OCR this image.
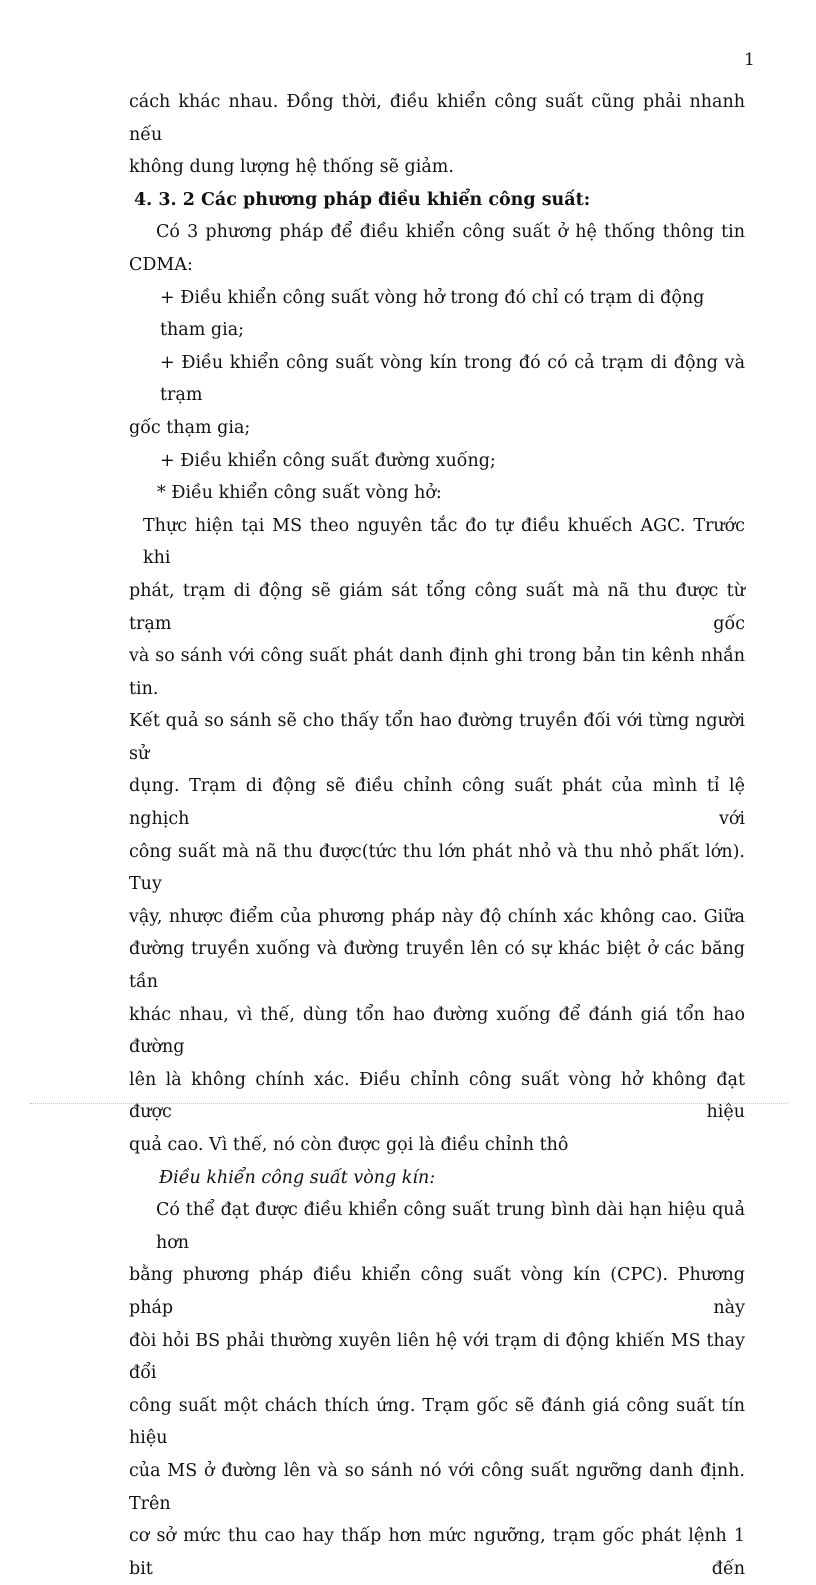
1

cách khác nhau. Đồng thời, điều khiển công suất cũng phải nhanh nếu

không dung lượng hệ thống sẽ giảm.

4. 3. 2 Các phương pháp điều khiển công suất:

Có 3 phương pháp để điều khiển công suất ở hệ thống thông tin

CDMA:

+ Điều khiển công suất vòng hở trong đó chỉ có trạm di động tham gia;

+ Điều khiển công suất vòng kín trong đó có cả trạm di động và trạm

gốc thạm gia;

+ Điều khiển công suất đường xuống;

* Điều khiển công suất vòng hở:

Thực hiện tại MS theo nguyên tắc đo tự điều khuếch AGC. Trước khi

phát, trạm di động sẽ giám sát tổng công suất mà nã thu được từ trạm gốc

và so sánh với công suất phát danh định ghi trong bản tin kênh nhắn tin.

Kết quả so sánh sẽ cho thấy tổn hao đường truyền đối với từng người sử

dụng. Trạm di động sẽ điều chỉnh công suất phát của mình tỉ lệ nghịch với

công suất mà nã thu được(tức thu lớn phát nhỏ và thu nhỏ phất lớn). Tuy

vậy, nhược điểm của phương pháp này độ chính xác không cao. Giữa

đường truyền xuống và đường truyền lên có sự khác biệt ở các băng tần

khác nhau, vì thế, dùng tổn hao đường xuống để đánh giá tổn hao đường

lên là không chính xác. Điều chỉnh công suất vòng hở không đạt được hiệu

quả cao. Vì thế, nó còn được gọi là điều chỉnh thô

Điều khiển công suất vòng kín:

Có thể đạt được điều khiển công suất trung bình dài hạn hiệu quả hơn

bằng phương pháp điều khiển công suất vòng kín (CPC). Phương pháp này

đòi hỏi BS phải thường xuyên liên hệ với trạm di động khiến MS thay đổi

công suất một chách thích ứng. Trạm gốc sẽ đánh giá công suất tín hiệu

của MS ở đường lên và so sánh nó với công suất ngưỡng danh định. Trên

cơ sở mức thu cao hay thấp hơn mức ngưỡng, trạm gốc phát lệnh 1 bit đến
